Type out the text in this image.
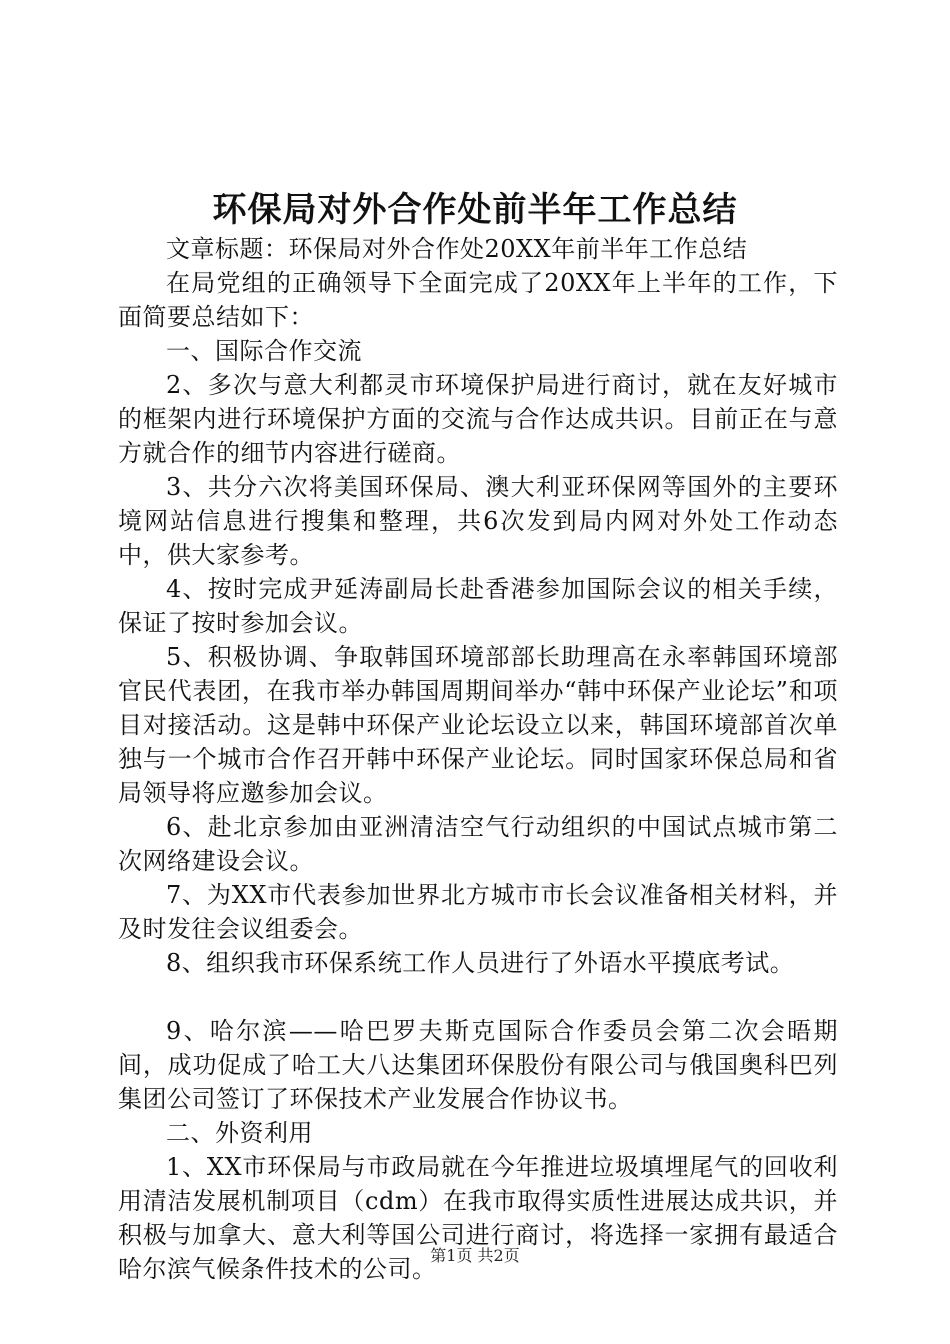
环保局对外合作处前半年工作总结

文章标题：环保局对外合作处20XX年前半年工作总结

在局党组的正确领导下全面完成了20XX年上半年的工作，下面简要总结如下：

一、国际合作交流

2、多次与意大利都灵市环境保护局进行商讨，就在友好城市的框架内进行环境保护方面的交流与合作达成共识。目前正在与意方就合作的细节内容进行磋商。

3、共分六次将美国环保局、澳大利亚环保网等国外的主要环境网站信息进行搜集和整理，共6次发到局内网对外处工作动态中，供大家参考。

4、按时完成尹延涛副局长赴香港参加国际会议的相关手续，保证了按时参加会议。

5、积极协调、争取韩国环境部部长助理高在永率韩国环境部官民代表团，在我市举办韩国周期间举办“韩中环保产业论坛”和项目对接活动。这是韩中环保产业论坛设立以来，韩国环境部首次单独与一个城市合作召开韩中环保产业论坛。同时国家环保总局和省局领导将应邀参加会议。

6、赴北京参加由亚洲清洁空气行动组织的中国试点城市第二次网络建设会议。

7、为XX市代表参加世界北方城市市长会议准备相关材料，并及时发往会议组委会。

8、组织我市环保系统工作人员进行了外语水平摸底考试。

9、哈尔滨——哈巴罗夫斯克国际合作委员会第二次会晤期间，成功促成了哈工大八达集团环保股份有限公司与俄国奥科巴列集团公司签订了环保技术产业发展合作协议书。

二、外资利用

1、XX市环保局与市政局就在今年推进垃圾填埋尾气的回收利用清洁发展机制项目（cdm）在我市取得实质性进展达成共识，并积极与加拿大、意大利等国公司进行商讨，将选择一家拥有最适合哈尔滨气候条件技术的公司。

第1页 共2页
